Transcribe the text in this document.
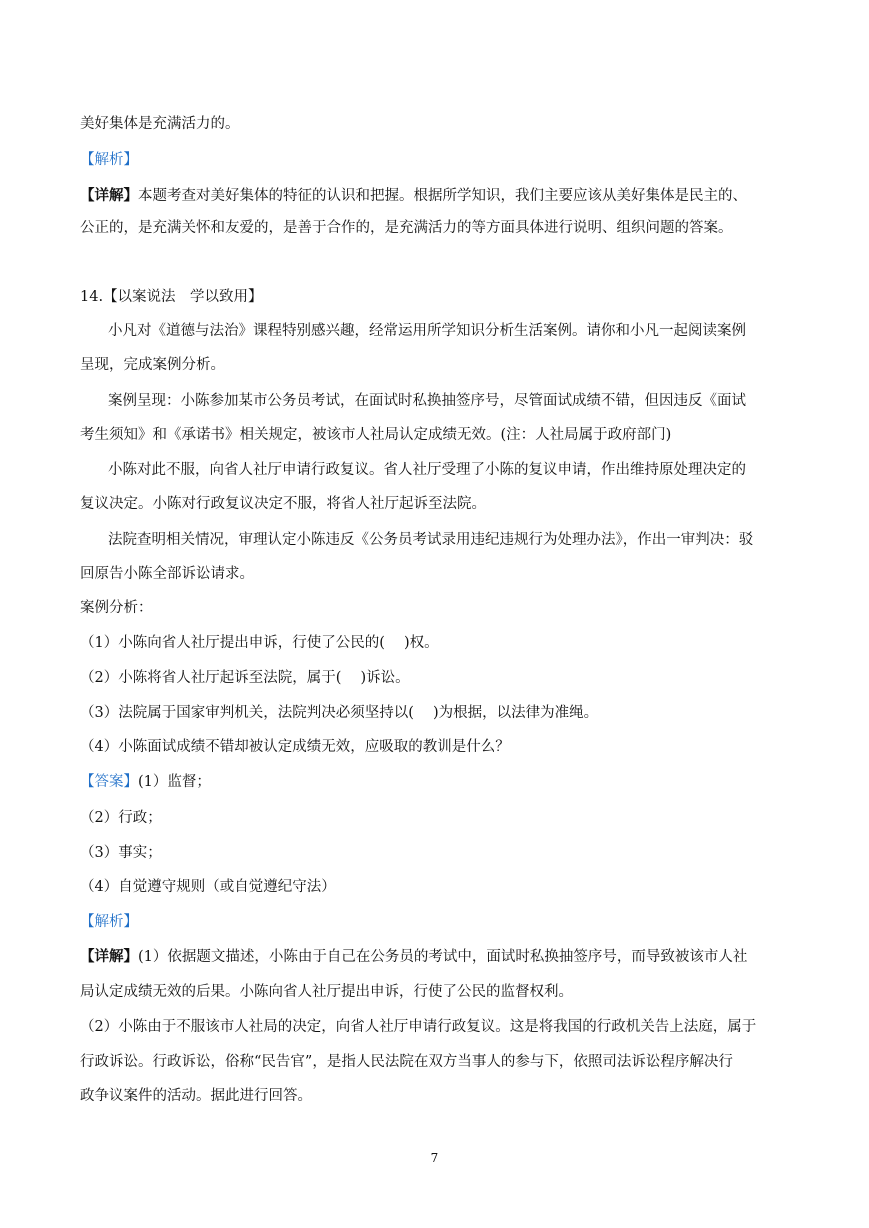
美好集体是充满活力的。
【解析】
【详解】本题考查对美好集体的特征的认识和把握。根据所学知识，我们主要应该从美好集体是民主的、
公正的，是充满关怀和友爱的，是善于合作的，是充满活力的等方面具体进行说明、组织问题的答案。
14.【以案说法　学以致用】
小凡对《道德与法治》课程特别感兴趣，经常运用所学知识分析生活案例。请你和小凡一起阅读案例
呈现，完成案例分析。
案例呈现：小陈参加某市公务员考试，在面试时私换抽签序号，尽管面试成绩不错，但因违反《面试
考生须知》和《承诺书》相关规定，被该市人社局认定成绩无效。(注：人社局属于政府部门)
小陈对此不服，向省人社厅申请行政复议。省人社厅受理了小陈的复议申请，作出维持原处理决定的
复议决定。小陈对行政复议决定不服，将省人社厅起诉至法院。
法院查明相关情况，审理认定小陈违反《公务员考试录用违纪违规行为处理办法》，作出一审判决：驳
回原告小陈全部诉讼请求。
案例分析：
（1）小陈向省人社厅提出申诉，行使了公民的(　 )权。
（2）小陈将省人社厅起诉至法院，属于(　 )诉讼。
（3）法院属于国家审判机关，法院判决必须坚持以(　 )为根据，以法律为准绳。
（4）小陈面试成绩不错却被认定成绩无效，应吸取的教训是什么？
【答案】(1）监督；
（2）行政；
（3）事实；
（4）自觉遵守规则（或自觉遵纪守法）
【解析】
【详解】(1）依据题文描述，小陈由于自己在公务员的考试中，面试时私换抽签序号，而导致被该市人社
局认定成绩无效的后果。小陈向省人社厅提出申诉，行使了公民的监督权利。
（2）小陈由于不服该市人社局的决定，向省人社厅申请行政复议。这是将我国的行政机关告上法庭，属于
行政诉讼。行政诉讼，俗称“民告官”，是指人民法院在双方当事人的参与下，依照司法诉讼程序解决行
政争议案件的活动。据此进行回答。
7
